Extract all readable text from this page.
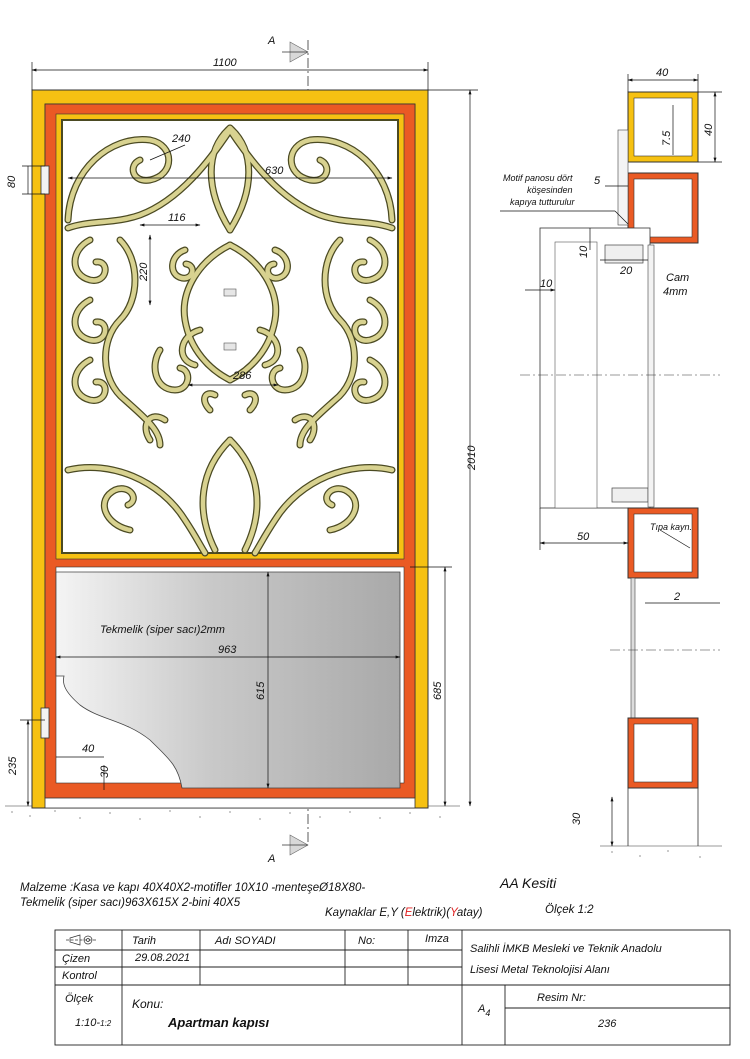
A
A
1100
240
630
116
220
286
80
2010
685
615
963
Tekmelik (siper sacı)2mm
235
40
30
40
40
7.5
5
10
20
10
50
2
30
Motif panosu dört
köşesinden
kapıya tutturulur
Cam
4mm
Tıpa kayn.
Malzeme :Kasa ve kapı 40X40X2-motifler 10X10 -menteşeØ18X80-
Tekmelik (siper sacı)963X615X 2-bini 40X5
AA Kesiti
Kaynaklar E,Y (Elektrik)(Yatay)	Ölçek 1:2
Tarih	Adı SOYADI	No:	Imza
Çizen	29.08.2021
Kontrol
Salihli İMKB Mesleki ve Teknik Anadolu
Lisesi Metal Teknolojisi Alanı
Ölçek
1:10-1:2
Konu:
Apartman kapısı
$A_4$
Resim Nr:
236
